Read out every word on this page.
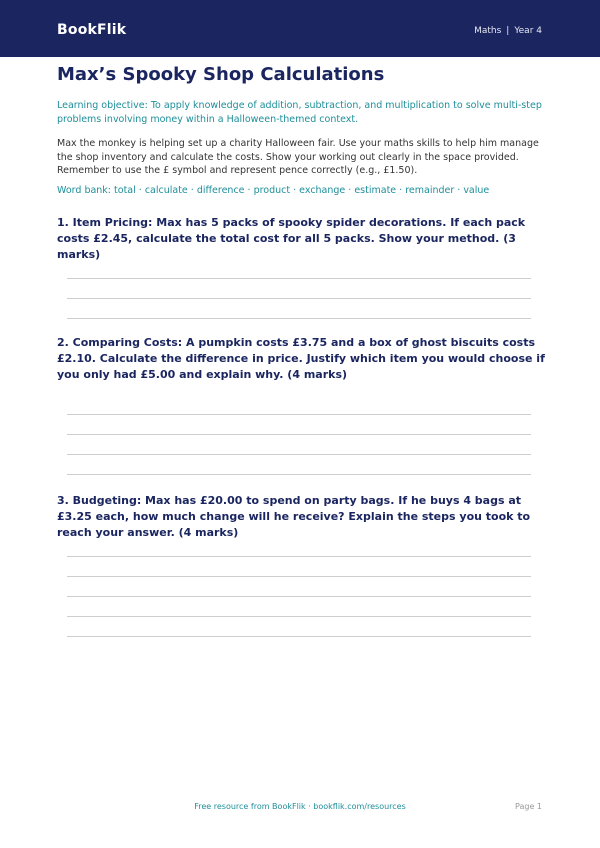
BookFlik	Maths | Year 4
Max’s Spooky Shop Calculations
Learning objective: To apply knowledge of addition, subtraction, and multiplication to solve multi-step problems involving money within a Halloween-themed context.
Max the monkey is helping set up a charity Halloween fair. Use your maths skills to help him manage the shop inventory and calculate the costs. Show your working out clearly in the space provided. Remember to use the £ symbol and represent pence correctly (e.g., £1.50).
Word bank: total · calculate · difference · product · exchange · estimate · remainder · value
1. Item Pricing: Max has 5 packs of spooky spider decorations. If each pack costs £2.45, calculate the total cost for all 5 packs. Show your method. (3 marks)
2. Comparing Costs: A pumpkin costs £3.75 and a box of ghost biscuits costs £2.10. Calculate the difference in price. Justify which item you would choose if you only had £5.00 and explain why. (4 marks)
3. Budgeting: Max has £20.00 to spend on party bags. If he buys 4 bags at £3.25 each, how much change will he receive? Explain the steps you took to reach your answer. (4 marks)
Free resource from BookFlik · bookflik.com/resources	Page 1
